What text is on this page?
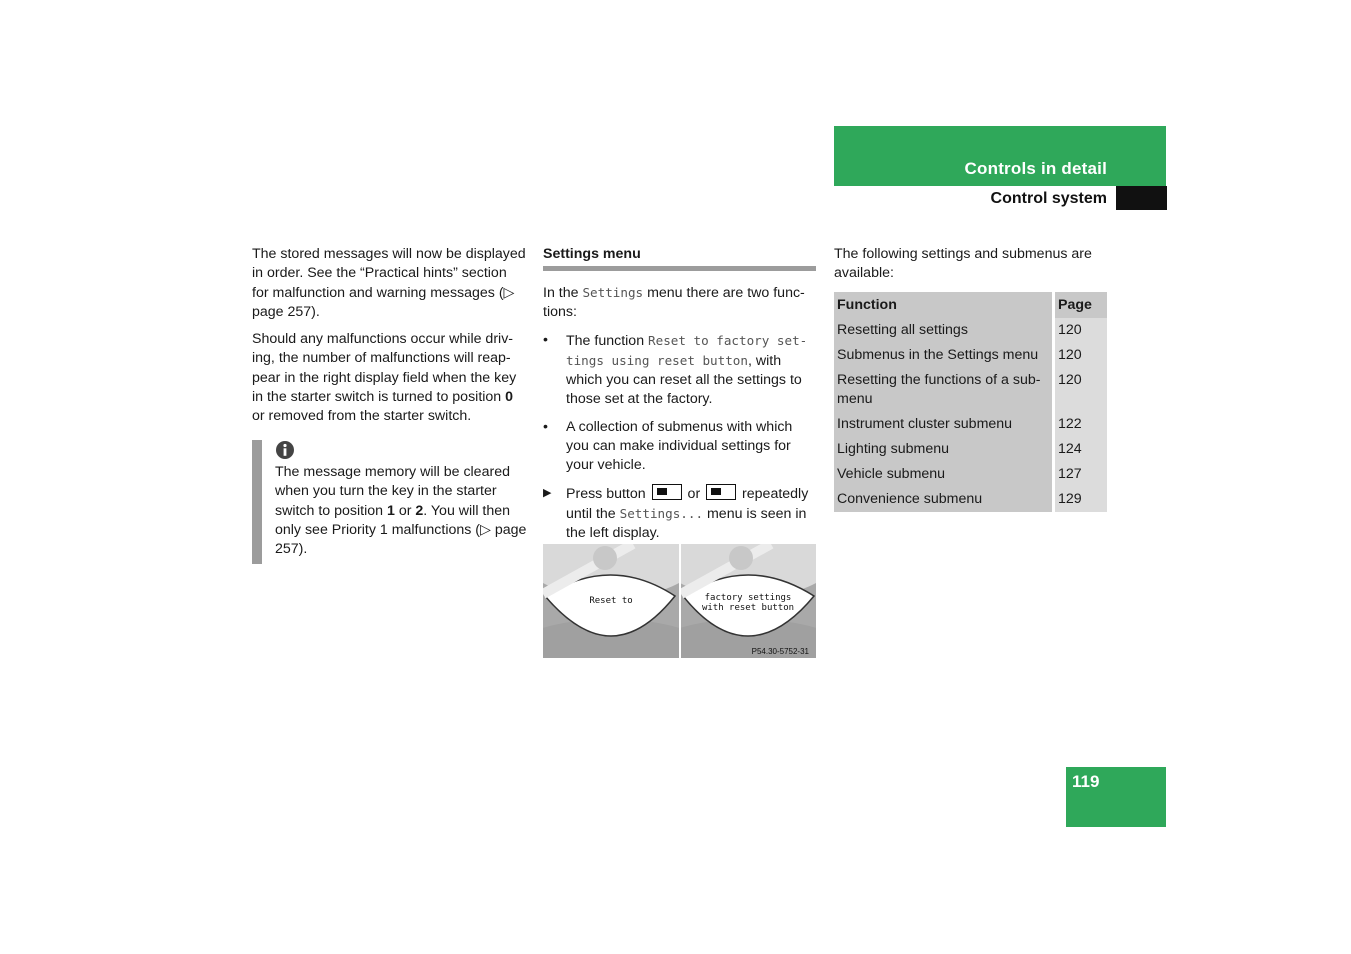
Controls in detail
Control system

The stored messages will now be displayed in order. See the “Practical hints” section for malfunction and warning messages (▷ page 257).

Should any malfunctions occur while driv-ing, the number of malfunctions will reap-pear in the right display field when the key in the starter switch is turned to position 0 or removed from the starter switch.

The message memory will be cleared when you turn the key in the starter switch to position 1 or 2. You will then only see Priority 1 malfunctions (▷ page 257).

Settings menu

In the Settings menu there are two func-tions:

• The function Reset to factory set-tings using reset button, with which you can reset all the settings to those set at the factory.
• A collection of submenus with which you can make individual settings for your vehicle.
▶ Press button
or
repeatedly until the Settings... menu is seen in the left display.
Reset to	factory settings
with reset button
P54.30-5752-31

The following settings and submenus are available:

Function	Page
Resetting all settings	120
Submenus in the Settings menu	120
Resetting the functions of a sub-menu	120
Instrument cluster submenu	122
Lighting submenu	124
Vehicle submenu	127
Convenience submenu	129
119
